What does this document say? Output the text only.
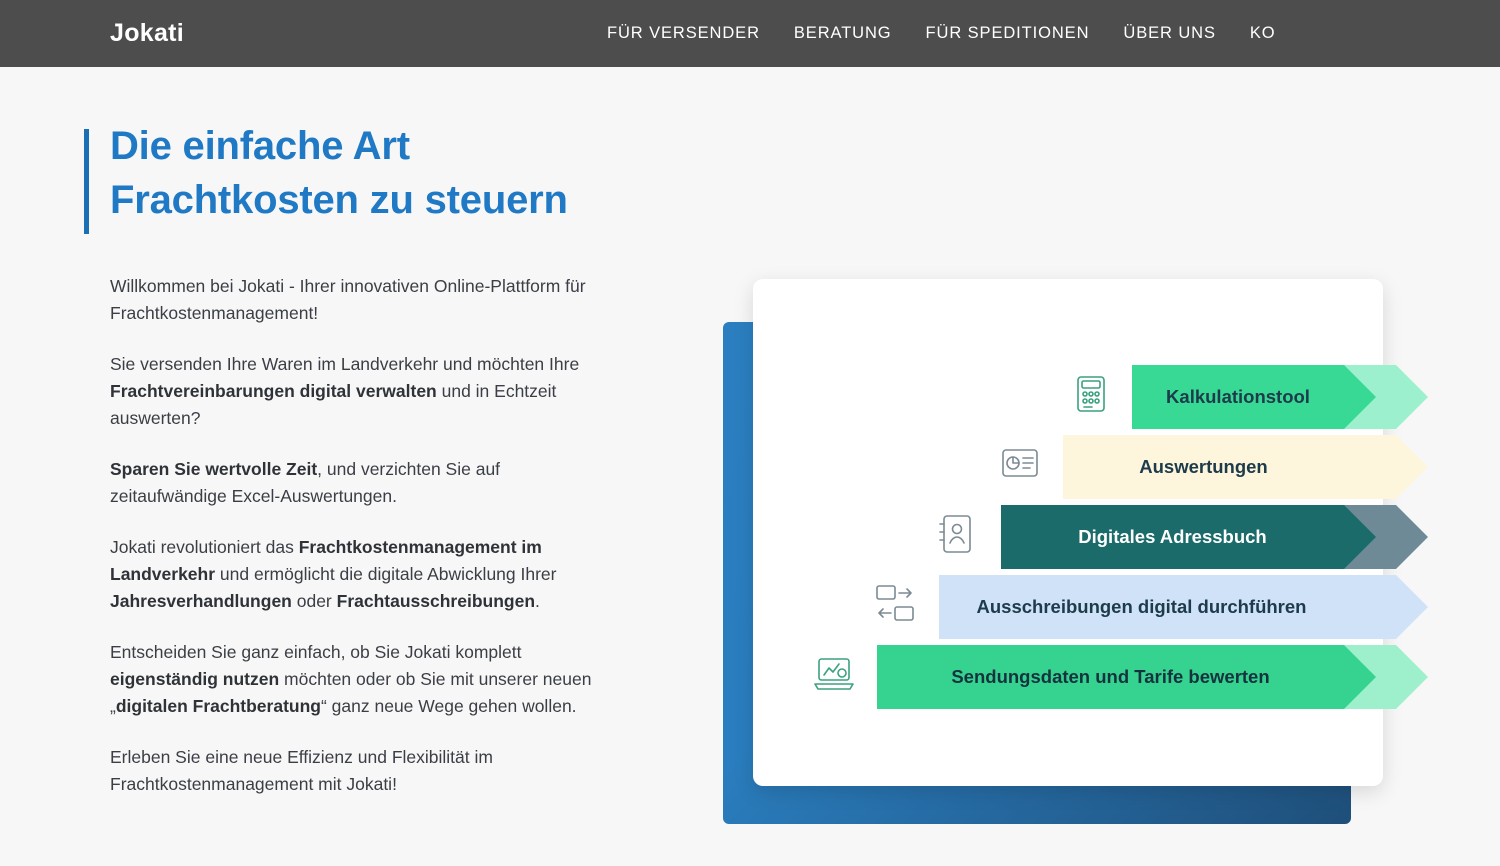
Jokati	FÜR VERSENDER	BERATUNG	FÜR SPEDITIONEN	ÜBER UNS	KO
Die einfache Art
Frachtkosten zu steuern

Willkommen bei Jokati - Ihrer innovativen Online-Plattform für Frachtkostenmanagement!

Sie versenden Ihre Waren im Landverkehr und möchten Ihre Frachtvereinbarungen digital verwalten und in Echtzeit auswerten?

Sparen Sie wertvolle Zeit, und verzichten Sie auf zeitaufwändige Excel-Auswertungen.

Jokati revolutioniert das Frachtkostenmanagement im Landverkehr und ermöglicht die digitale Abwicklung Ihrer Jahresverhandlungen oder Frachtausschreibungen.

Entscheiden Sie ganz einfach, ob Sie Jokati komplett eigenständig nutzen möchten oder ob Sie mit unserer neuen „digitalen Frachtberatung“ ganz neue Wege gehen wollen.

Erleben Sie eine neue Effizienz und Flexibilität im Frachtkostenmanagement mit Jokati!

Kalkulationstool
Auswertungen
Digitales Adressbuch
Ausschreibungen digital durchführen
Sendungsdaten und Tarife bewerten
